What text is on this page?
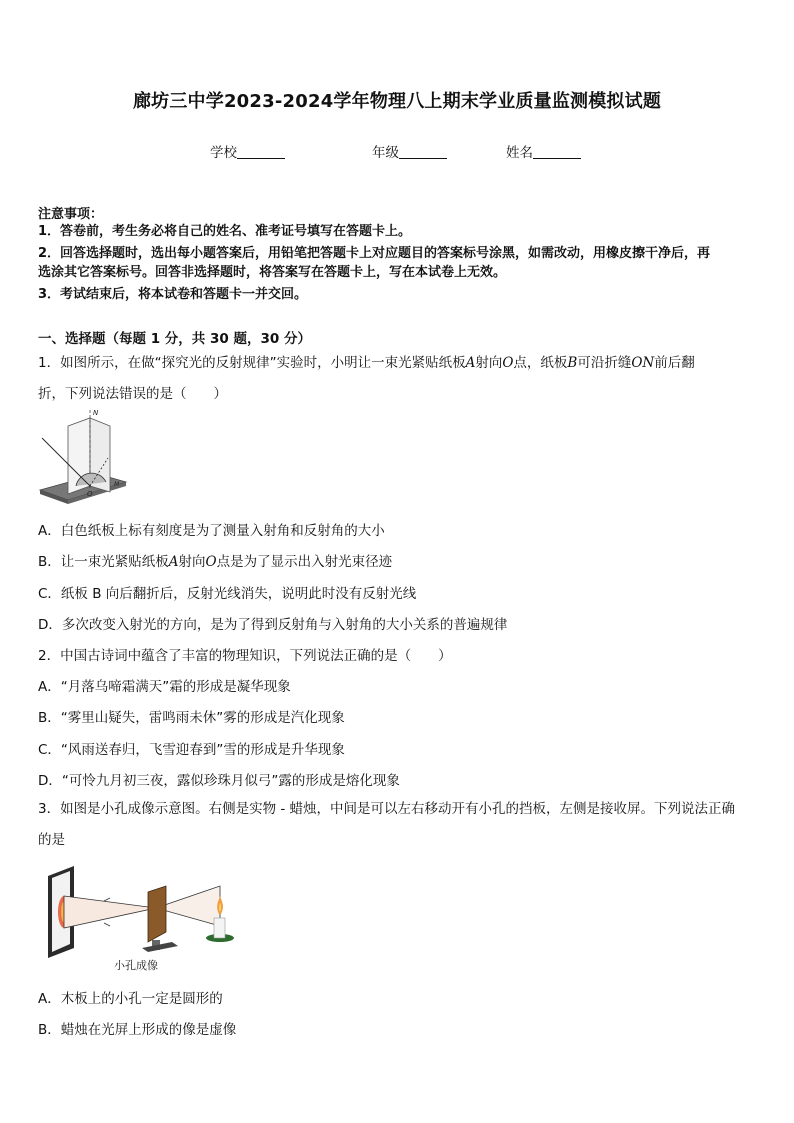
廊坊三中学2023-2024学年物理八上期末学业质量监测模拟试题
学校	年级	姓名
注意事项：
1．答卷前，考生务必将自己的姓名、准考证号填写在答题卡上。
2．回答选择题时，选出每小题答案后，用铅笔把答题卡上对应题目的答案标号涂黑，如需改动，用橡皮擦干净后，再
选涂其它答案标号。回答非选择题时，将答案写在答题卡上，写在本试卷上无效。
3．考试结束后，将本试卷和答题卡一并交回。
一、选择题（每题 1 分，共 30 题，30 分）
1．如图所示，在做“探究光的反射规律”实验时，小明让一束光紧贴纸板A射向O点，纸板B可沿折缝ON前后翻
折，下列说法错误的是（　　）
N
O
M
A．白色纸板上标有刻度是为了测量入射角和反射角的大小
B．让一束光紧贴纸板A射向O点是为了显示出入射光束径迹
C．纸板 B 向后翻折后，反射光线消失，说明此时没有反射光线
D．多次改变入射光的方向，是为了得到反射角与入射角的大小关系的普遍规律
2．中国古诗词中蕴含了丰富的物理知识，下列说法正确的是（　　）
A．“月落乌啼霜满天”霜的形成是凝华现象
B．“雾里山疑失，雷鸣雨未休”雾的形成是汽化现象
C．“风雨送春归，飞雪迎春到”雪的形成是升华现象
D．“可怜九月初三夜，露似珍珠月似弓”露的形成是熔化现象
3．如图是小孔成像示意图。右侧是实物 - 蜡烛，中间是可以左右移动开有小孔的挡板，左侧是接收屏。下列说法正确
的是
小孔成像
A．木板上的小孔一定是圆形的
B．蜡烛在光屏上形成的像是虚像
